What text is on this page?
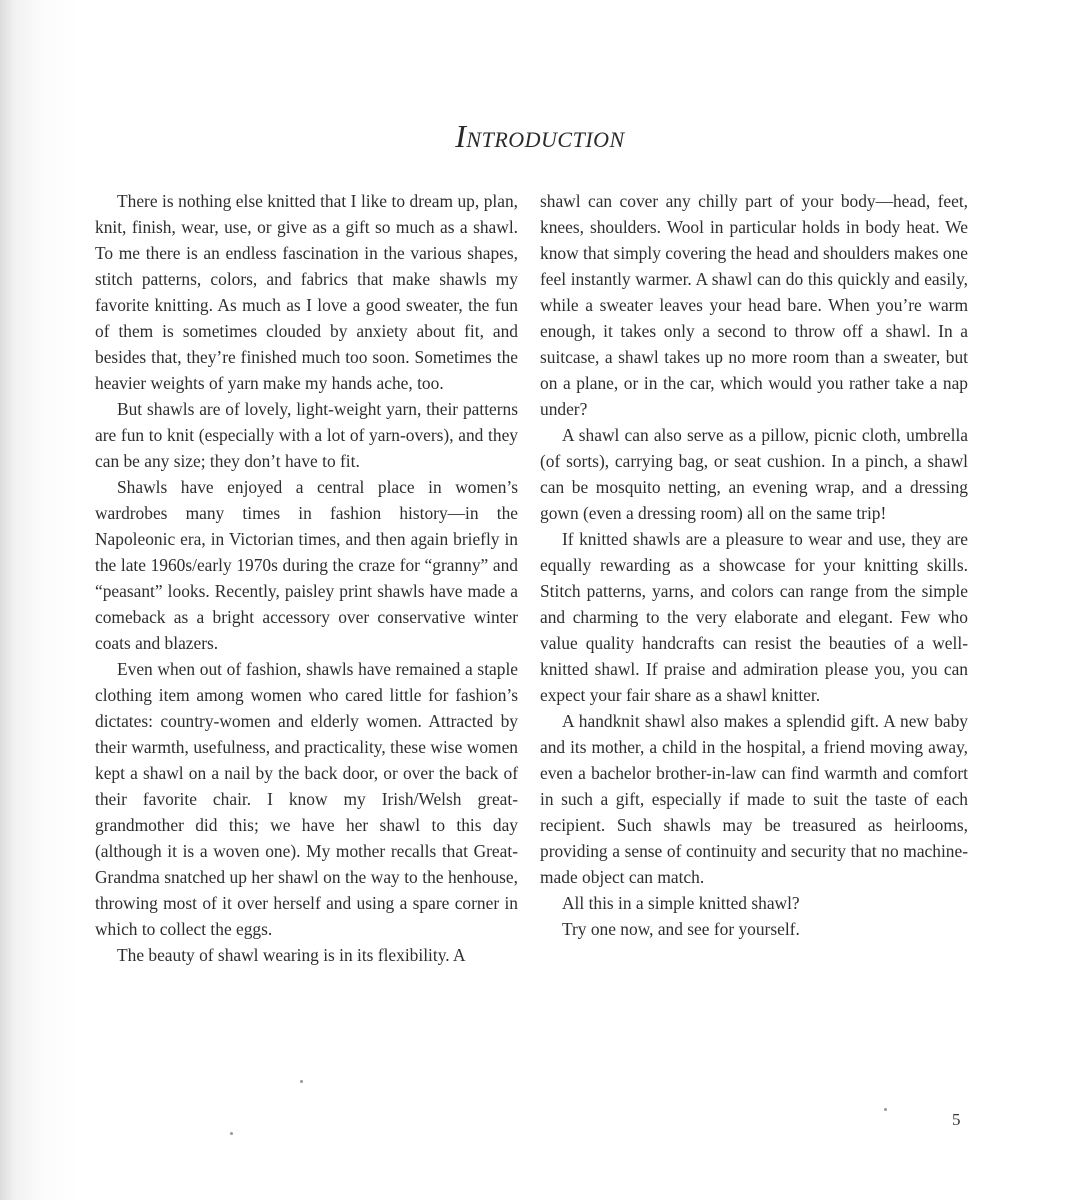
Introduction

There is nothing else knitted that I like to dream up, plan, knit, finish, wear, use, or give as a gift so much as a shawl. To me there is an endless fascination in the various shapes, stitch patterns, colors, and fabrics that make shawls my favorite knitting. As much as I love a good sweater, the fun of them is sometimes clouded by anxiety about fit, and besides that, they’re finished much too soon. Sometimes the heavier weights of yarn make my hands ache, too.

But shawls are of lovely, light-weight yarn, their patterns are fun to knit (especially with a lot of yarn-overs), and they can be any size; they don’t have to fit.

Shawls have enjoyed a central place in women’s wardrobes many times in fashion history—in the Napoleonic era, in Victorian times, and then again briefly in the late 1960s/early 1970s during the craze for “granny” and “peasant” looks. Recently, paisley print shawls have made a comeback as a bright accessory over conservative winter coats and blazers.

Even when out of fashion, shawls have remained a staple clothing item among women who cared little for fashion’s dictates: country-women and elderly women. Attracted by their warmth, usefulness, and practicality, these wise women kept a shawl on a nail by the back door, or over the back of their favorite chair. I know my Irish/Welsh great-grandmother did this; we have her shawl to this day (although it is a woven one). My mother recalls that Great-Grandma snatched up her shawl on the way to the henhouse, throwing most of it over herself and using a spare corner in which to collect the eggs.

The beauty of shawl wearing is in its flexibility. A

shawl can cover any chilly part of your body—head, feet, knees, shoulders. Wool in particular holds in body heat. We know that simply covering the head and shoulders makes one feel instantly warmer. A shawl can do this quickly and easily, while a sweater leaves your head bare. When you’re warm enough, it takes only a second to throw off a shawl. In a suitcase, a shawl takes up no more room than a sweater, but on a plane, or in the car, which would you rather take a nap under?

A shawl can also serve as a pillow, picnic cloth, umbrella (of sorts), carrying bag, or seat cushion. In a pinch, a shawl can be mosquito netting, an evening wrap, and a dressing gown (even a dressing room) all on the same trip!

If knitted shawls are a pleasure to wear and use, they are equally rewarding as a showcase for your knitting skills. Stitch patterns, yarns, and colors can range from the simple and charming to the very elaborate and elegant. Few who value quality handcrafts can resist the beauties of a well-knitted shawl. If praise and admiration please you, you can expect your fair share as a shawl knitter.

A handknit shawl also makes a splendid gift. A new baby and its mother, a child in the hospital, a friend moving away, even a bachelor brother-in-law can find warmth and comfort in such a gift, especially if made to suit the taste of each recipient. Such shawls may be treasured as heirlooms, providing a sense of continuity and security that no machine-made object can match.

All this in a simple knitted shawl?

Try one now, and see for yourself.

5
